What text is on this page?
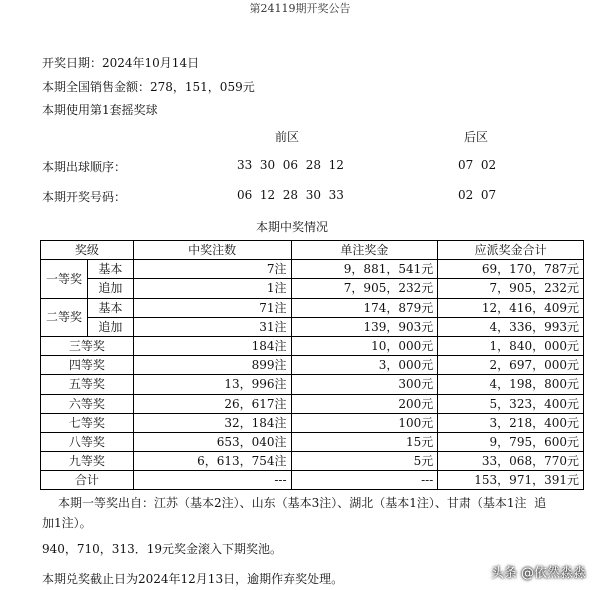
第24119期开奖公告
开奖日期：2024年10月14日
本期全国销售金额：278，151，059元
本期使用第1套摇奖球
前区	后区
本期出球顺序：	33  30  06  28  12	07  02
本期开奖号码：	06  12  28  30  33	02  07
本期中奖情况
奖级		中奖注数	单注奖金	应派奖金合计
一等奖	基本	7注	9，881，541元	69，170，787元
	追加	1注	7，905，232元	7，905，232元
二等奖	基本	71注	174，879元	12，416，409元
	追加	31注	139，903元	4，336，993元
三等奖		184注	10，000元	1，840，000元
四等奖		899注	3，000元	2，697，000元
五等奖		13，996注	300元	4，198，800元
六等奖		26，617注	200元	5，323，400元
七等奖		32，184注	100元	3，218，400元
八等奖		653，040注	15元	9，795，600元
九等奖		6，613，754注	5元	33，068，770元
合计		---	---	153，971，391元
本期一等奖出自：江苏（基本2注）、山东（基本3注）、湖北（基本1注）、甘肃（基本1注  追
加1注）。
940，710，313．19元奖金滚入下期奖池。
本期兑奖截止日为2024年12月13日，逾期作弃奖处理。	头条 @依然淼淼
